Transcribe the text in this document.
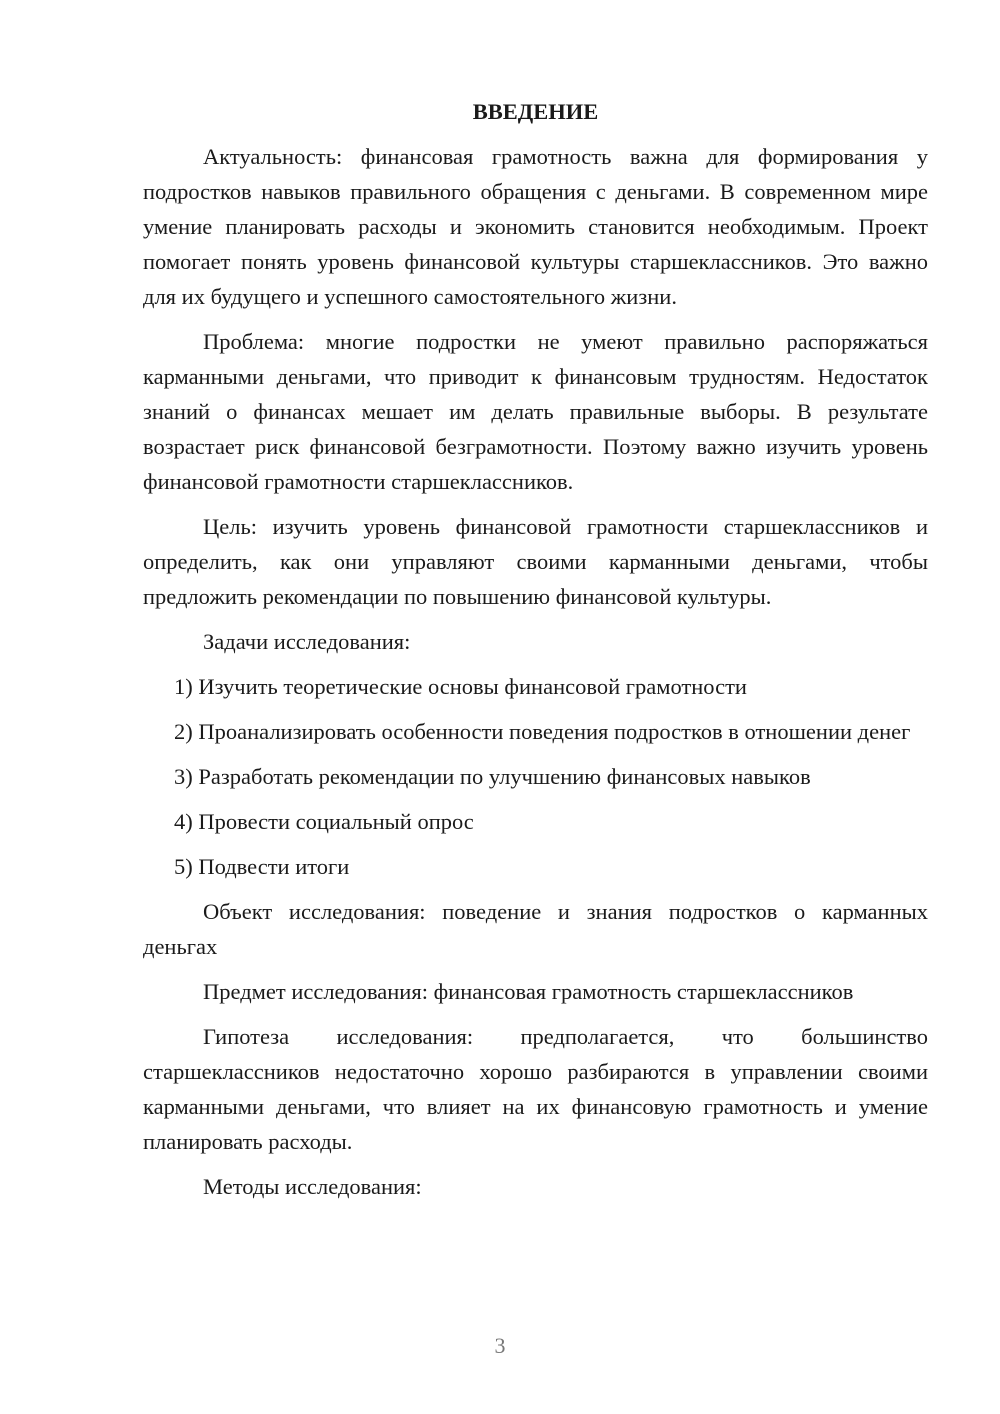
ВВЕДЕНИЕ

Актуальность: финансовая грамотность важна для формирования у подростков навыков правильного обращения с деньгами. В современном мире умение планировать расходы и экономить становится необходимым. Проект помогает понять уровень финансовой культуры старшеклассников. Это важно для их будущего и успешного самостоятельного жизни.

Проблема: многие подростки не умеют правильно распоряжаться карманными деньгами, что приводит к финансовым трудностям. Недостаток знаний о финансах мешает им делать правильные выборы. В результате возрастает риск финансовой безграмотности. Поэтому важно изучить уровень финансовой грамотности старшеклассников.

Цель: изучить уровень финансовой грамотности старшеклассников и определить, как они управляют своими карманными деньгами, чтобы предложить рекомендации по повышению финансовой культуры.

Задачи исследования:

1) Изучить теоретические основы финансовой грамотности

2) Проанализировать особенности поведения подростков в отношении денег

3) Разработать рекомендации по улучшению финансовых навыков

4) Провести социальный опрос

5) Подвести итоги

Объект исследования: поведение и знания подростков о карманных деньгах

Предмет исследования: финансовая грамотность старшеклассников

Гипотеза исследования: предполагается, что большинство старшеклассников недостаточно хорошо разбираются в управлении своими карманными деньгами, что влияет на их финансовую грамотность и умение планировать расходы.

Методы исследования:

3
